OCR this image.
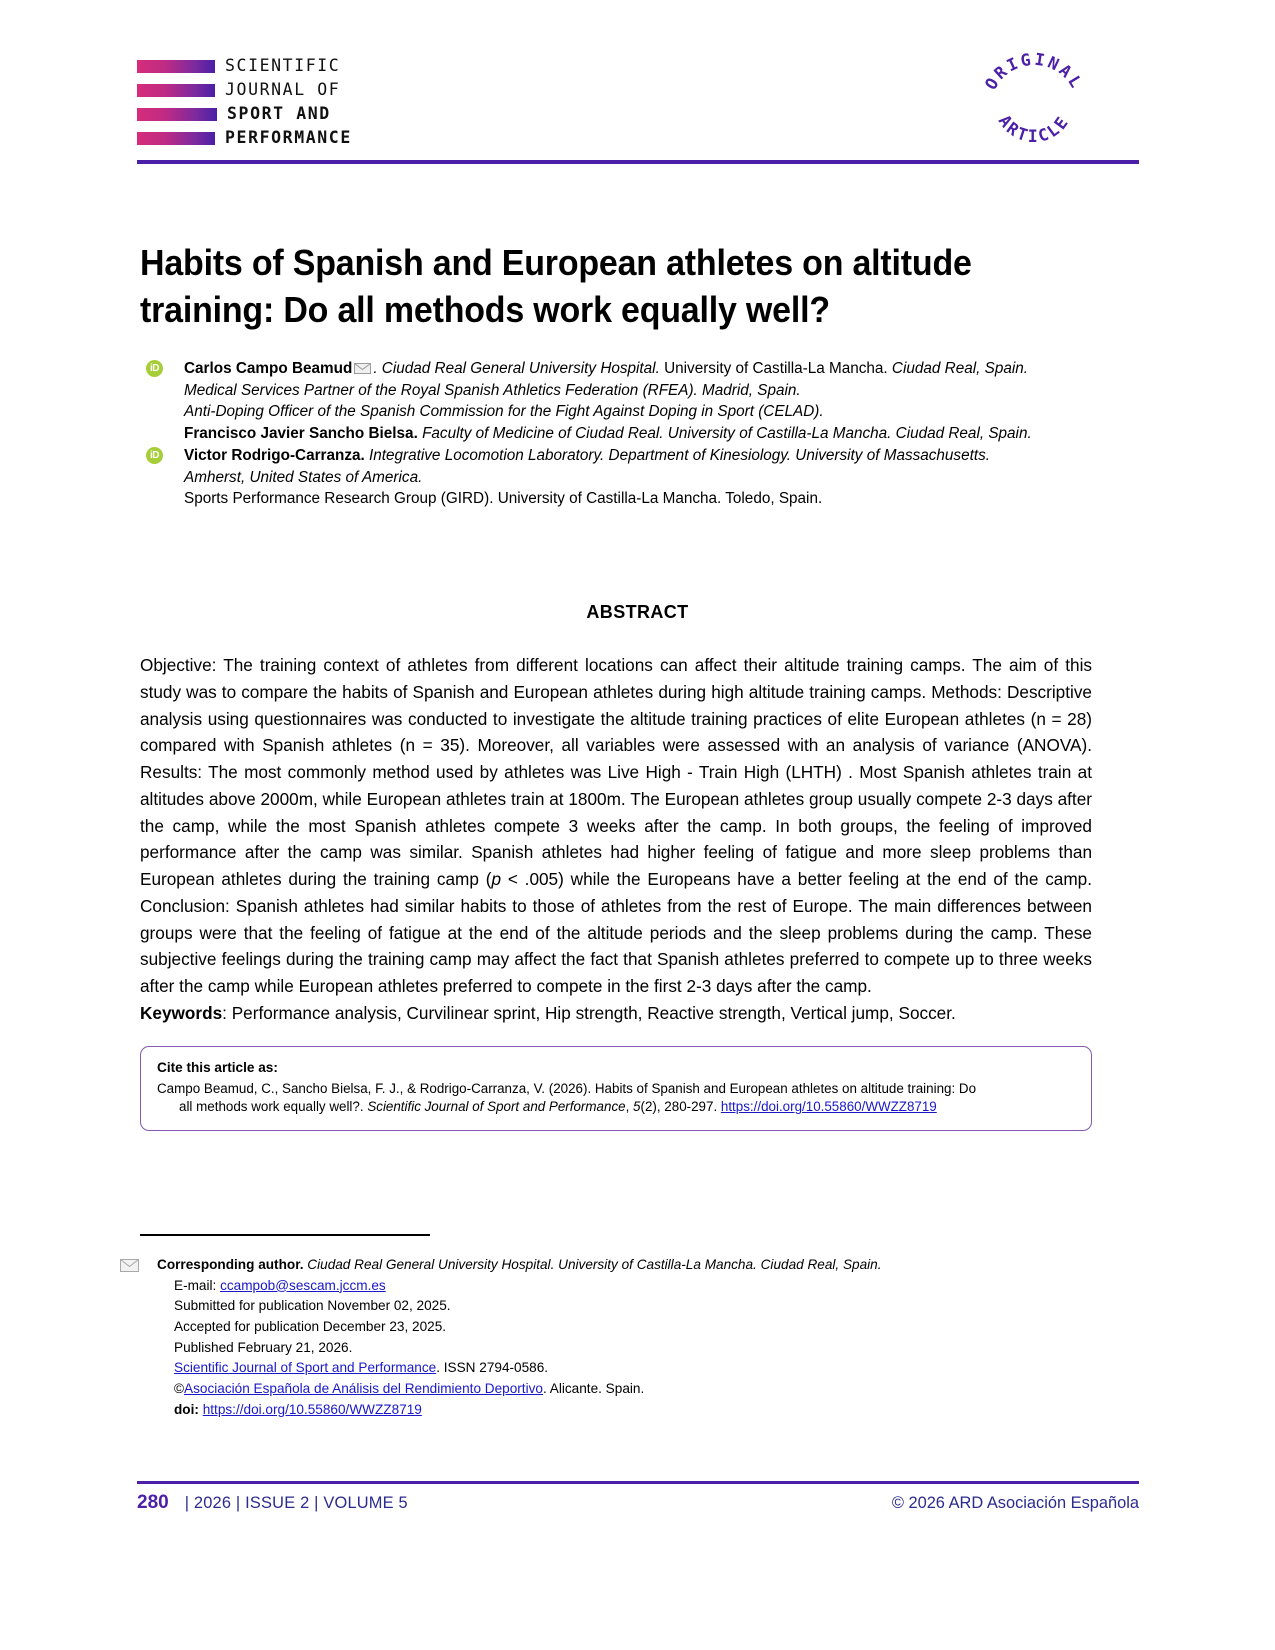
SCIENTIFIC
JOURNAL OF
SPORT AND
PERFORMANCE
ORIGINAL
ARTICLE
Habits of Spanish and European athletes on altitude training: Do all methods work equally well?

iD Carlos Campo Beamud . Ciudad Real General University Hospital. University of Castilla-La Mancha. Ciudad Real, Spain.

Medical Services Partner of the Royal Spanish Athletics Federation (RFEA). Madrid, Spain.

Anti-Doping Officer of the Spanish Commission for the Fight Against Doping in Sport (CELAD).

Francisco Javier Sancho Bielsa. Faculty of Medicine of Ciudad Real. University of Castilla-La Mancha. Ciudad Real, Spain.

iD Victor Rodrigo-Carranza. Integrative Locomotion Laboratory. Department of Kinesiology. University of Massachusetts.

Amherst, United States of America.

Sports Performance Research Group (GIRD). University of Castilla-La Mancha. Toledo, Spain.

ABSTRACT
Objective: The training context of athletes from different locations can affect their altitude training camps. The aim of this study was to compare the habits of Spanish and European athletes during high altitude training camps. Methods: Descriptive analysis using questionnaires was conducted to investigate the altitude training practices of elite European athletes (n = 28) compared with Spanish athletes (n = 35). Moreover, all variables were assessed with an analysis of variance (ANOVA). Results: The most commonly method used by athletes was Live High - Train High (LHTH) . Most Spanish athletes train at altitudes above 2000m, while European athletes train at 1800m. The European athletes group usually compete 2-3 days after the camp, while the most Spanish athletes compete 3 weeks after the camp. In both groups, the feeling of improved performance after the camp was similar. Spanish athletes had higher feeling of fatigue and more sleep problems than European athletes during the training camp (p < .005) while the Europeans have a better feeling at the end of the camp. Conclusion: Spanish athletes had similar habits to those of athletes from the rest of Europe. The main differences between groups were that the feeling of fatigue at the end of the altitude periods and the sleep problems during the camp. These subjective feelings during the training camp may affect the fact that Spanish athletes preferred to compete up to three weeks after the camp while European athletes preferred to compete in the first 2-3 days after the camp.
Keywords: Performance analysis, Curvilinear sprint, Hip strength, Reactive strength, Vertical jump, Soccer.
Cite this article as:
Campo Beamud, C., Sancho Bielsa, F. J., & Rodrigo-Carranza, V. (2026). Habits of Spanish and European athletes on altitude training: Do
all methods work equally well?. Scientific Journal of Sport and Performance, 5(2), 280-297. https://doi.org/10.55860/WWZZ8719
Corresponding author. Ciudad Real General University Hospital. University of Castilla-La Mancha. Ciudad Real, Spain.
E-mail: ccampob@sescam.jccm.es
Submitted for publication November 02, 2025.
Accepted for publication December 23, 2025.
Published February 21, 2026.
Scientific Journal of Sport and Performance. ISSN 2794-0586.
©Asociación Española de Análisis del Rendimiento Deportivo. Alicante. Spain.
doi: https://doi.org/10.55860/WWZZ8719
280 | 2026 | ISSUE 2 | VOLUME 5	© 2026 ARD Asociación Española
